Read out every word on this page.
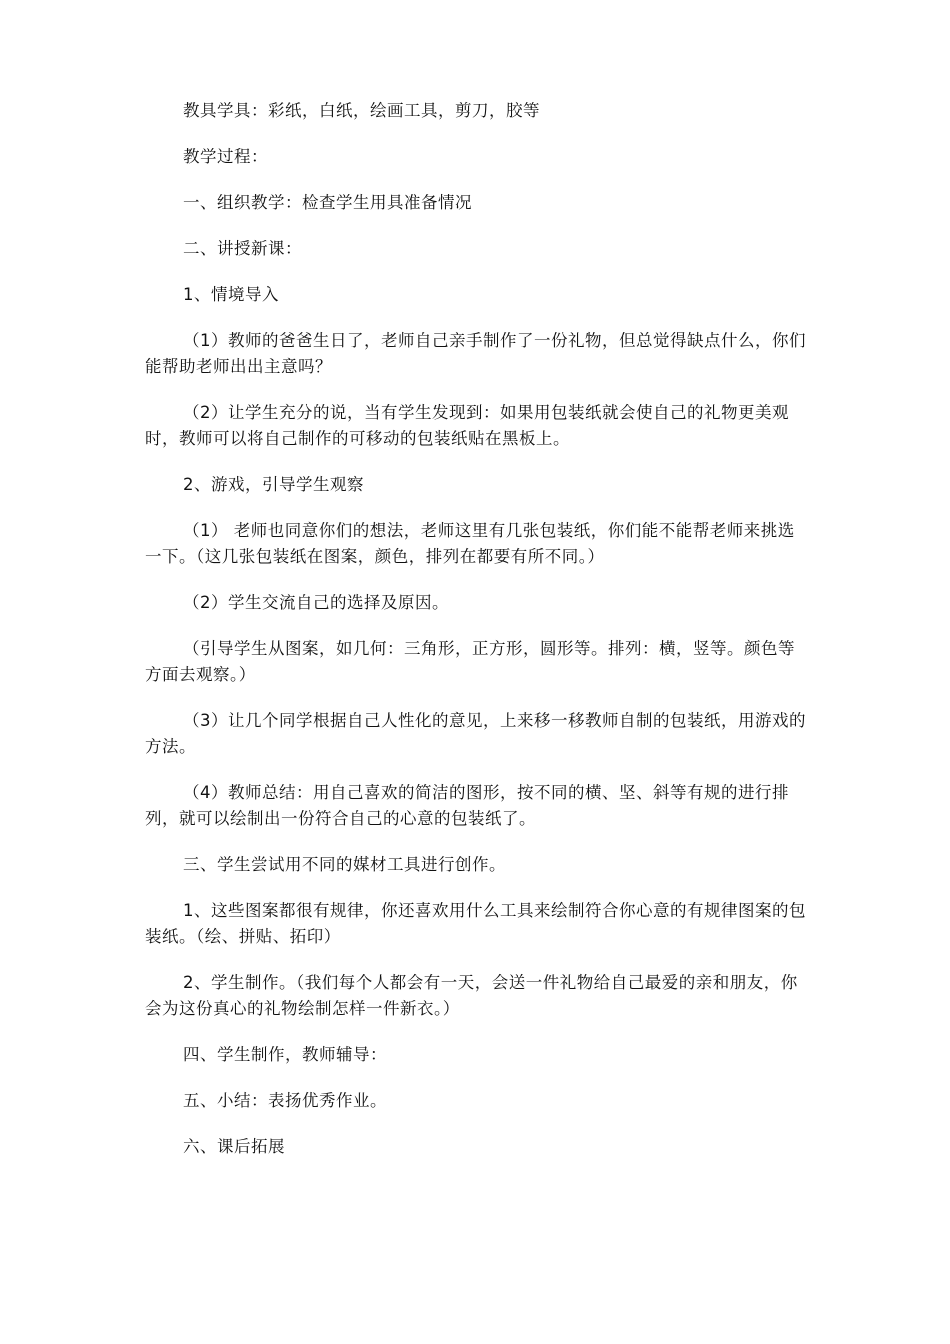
教具学具：彩纸，白纸，绘画工具，剪刀，胶等

教学过程：

一、组织教学：检查学生用具准备情况

二、讲授新课：

1、情境导入

（1）教师的爸爸生日了，老师自己亲手制作了一份礼物，但总觉得缺点什么，你们能帮助老师出出主意吗？

（2）让学生充分的说，当有学生发现到：如果用包装纸就会使自己的礼物更美观时，教师可以将自己制作的可移动的包装纸贴在黑板上。

2、游戏，引导学生观察

（1） 老师也同意你们的想法，老师这里有几张包装纸，你们能不能帮老师来挑选一下。（这几张包装纸在图案，颜色，排列在都要有所不同。）

（2）学生交流自己的选择及原因。

（引导学生从图案，如几何：三角形，正方形，圆形等。排列：横，竖等。颜色等方面去观察。）

（3）让几个同学根据自己人性化的意见，上来移一移教师自制的包装纸，用游戏的方法。

（4）教师总结：用自己喜欢的简洁的图形，按不同的横、坚、斜等有规的进行排列，就可以绘制出一份符合自己的心意的包装纸了。

三、学生尝试用不同的媒材工具进行创作。

1、这些图案都很有规律，你还喜欢用什么工具来绘制符合你心意的有规律图案的包装纸。（绘、拼贴、拓印）

2、学生制作。（我们每个人都会有一天，会送一件礼物给自己最爱的亲和朋友，你会为这份真心的礼物绘制怎样一件新衣。）

四、学生制作，教师辅导：

五、小结：表扬优秀作业。

六、课后拓展
